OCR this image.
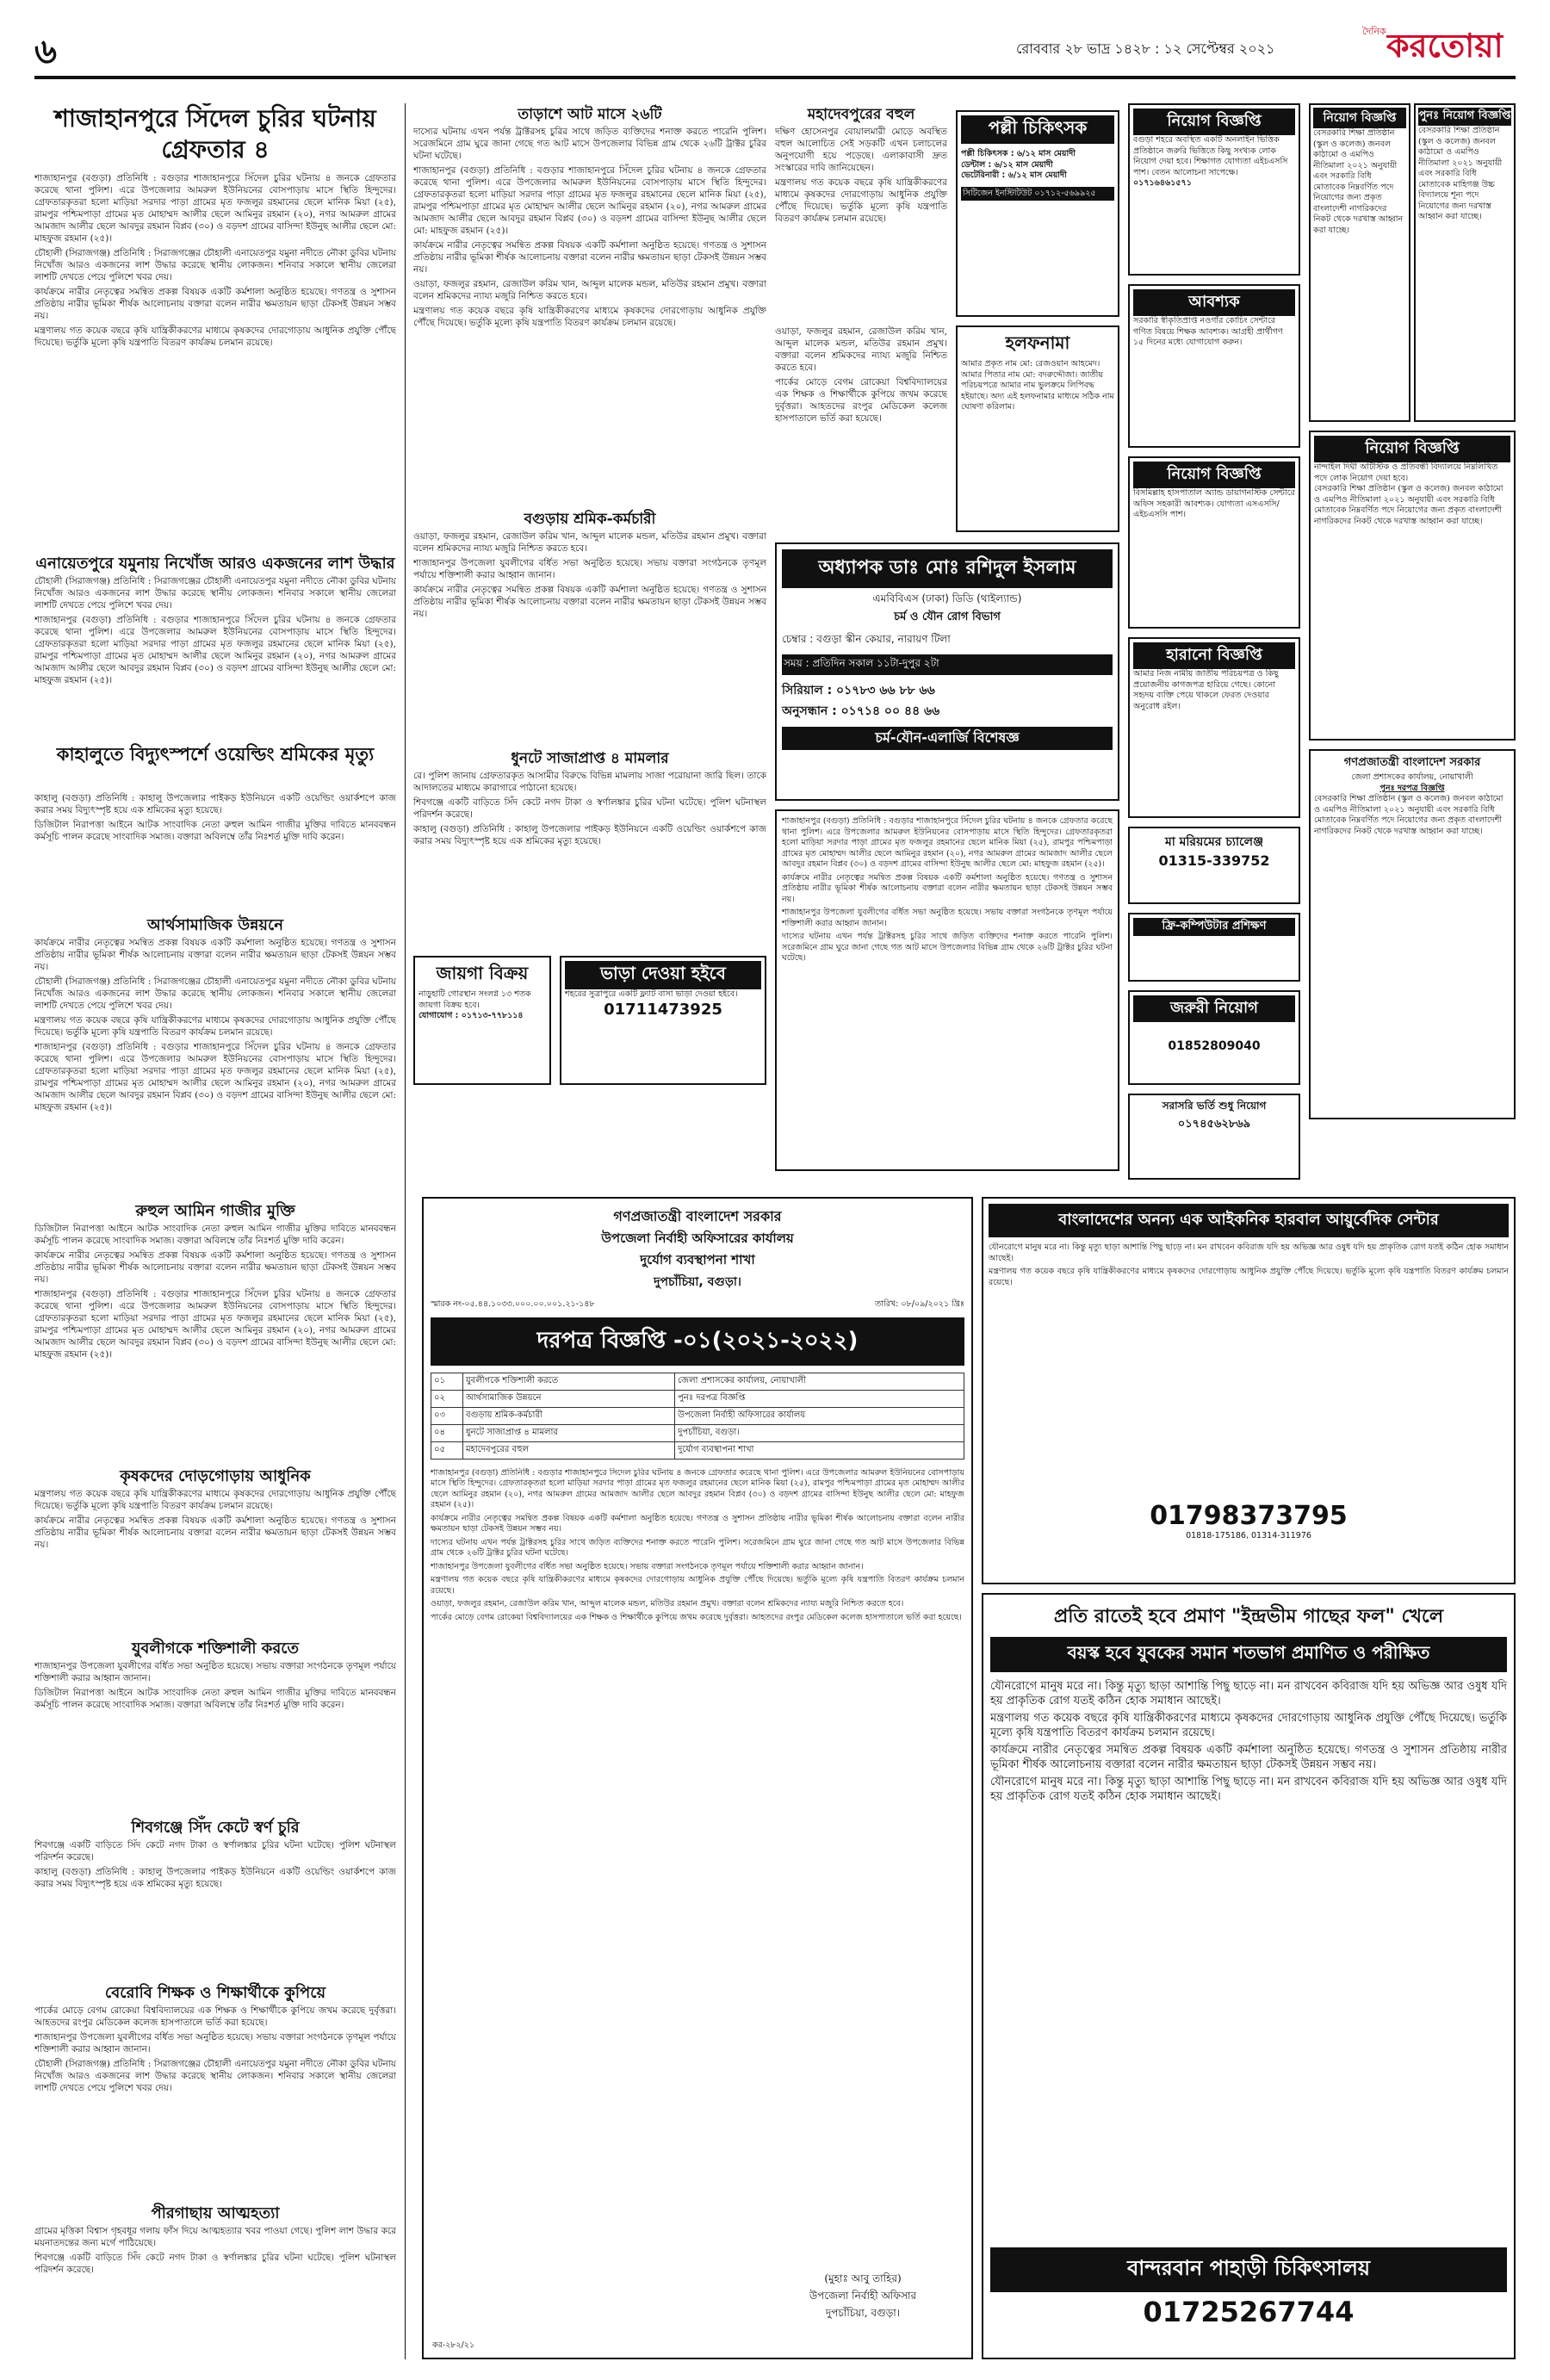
৬	রোববার ২৮ ভাদ্র ১৪২৮ : ১২ সেপ্টেম্বর ২০২১
দৈনিক করতোয়া
শাজাহানপুরে সিঁদেল চুরির ঘটনায় গ্রেফতার ৪

শাজাহানপুর (বগুড়া) প্রতিনিধি : বগুড়ার শাজাহানপুরে সিঁদেল চুরির ঘটনায় ৪ জনকে গ্রেফতার করেছে থানা পুলিশ। এরে উপজেলার আমরুল ইউনিয়নের বোসপাড়ায় মাসে স্থিতি হিন্দুদের। গ্রেফতারকৃতরা হলো মাড়িয়া সরদার পাড়া গ্রামের মৃত ফজলুর রহমানের ছেলে মানিক মিয়া (২৫), রামপুর পশ্চিমপাড়া গ্রামের মৃত মোহাম্মদ আলীর ছেলে আমিনুর রহমান (২০), নগর আমরুল গ্রামের আমজাদ আলীর ছেলে আবদুর রহমান বিপ্লব (৩০) ও বড়দশ গ্রামের বাসিন্দা ইউনুছ আলীর ছেলে মো: মাহফুজ রহমান (২৫)।

চৌহালী (সিরাজগঞ্জ) প্রতিনিধি : সিরাজগঞ্জের চৌহালী এনায়েতপুর যমুনা নদীতে নৌকা ডুবির ঘটনায় নিখোঁজ আরও একজনের লাশ উদ্ধার করেছে স্থানীয় লোকজন। শনিবার সকালে স্থানীয় জেলেরা লাশটি দেখতে পেয়ে পুলিশে খবর দেয়।

কার্যক্রমে নারীর নেতৃত্বের সমন্বিত প্রকল্প বিষয়ক একটি কর্মশালা অনুষ্ঠিত হয়েছে। গণতন্ত্র ও সুশাসন প্রতিষ্ঠায় নারীর ভূমিকা শীর্ষক আলোচনায় বক্তারা বলেন নারীর ক্ষমতায়ন ছাড়া টেকসই উন্নয়ন সম্ভব নয়।

মন্ত্রণালয় গত কয়েক বছরে কৃষি যান্ত্রিকীকরণের মাধ্যমে কৃষকদের দোরগোড়ায় আধুনিক প্রযুক্তি পৌঁছে দিয়েছে। ভর্তুকি মূল্যে কৃষি যন্ত্রপাতি বিতরণ কার্যক্রম চলমান রয়েছে।

এনায়েতপুরে যমুনায় নিখোঁজ আরও একজনের লাশ উদ্ধার

চৌহালী (সিরাজগঞ্জ) প্রতিনিধি : সিরাজগঞ্জের চৌহালী এনায়েতপুর যমুনা নদীতে নৌকা ডুবির ঘটনায় নিখোঁজ আরও একজনের লাশ উদ্ধার করেছে স্থানীয় লোকজন। শনিবার সকালে স্থানীয় জেলেরা লাশটি দেখতে পেয়ে পুলিশে খবর দেয়।

শাজাহানপুর (বগুড়া) প্রতিনিধি : বগুড়ার শাজাহানপুরে সিঁদেল চুরির ঘটনায় ৪ জনকে গ্রেফতার করেছে থানা পুলিশ। এরে উপজেলার আমরুল ইউনিয়নের বোসপাড়ায় মাসে স্থিতি হিন্দুদের। গ্রেফতারকৃতরা হলো মাড়িয়া সরদার পাড়া গ্রামের মৃত ফজলুর রহমানের ছেলে মানিক মিয়া (২৫), রামপুর পশ্চিমপাড়া গ্রামের মৃত মোহাম্মদ আলীর ছেলে আমিনুর রহমান (২০), নগর আমরুল গ্রামের আমজাদ আলীর ছেলে আবদুর রহমান বিপ্লব (৩০) ও বড়দশ গ্রামের বাসিন্দা ইউনুছ আলীর ছেলে মো: মাহফুজ রহমান (২৫)।

কাহালুতে বিদ্যুৎস্পর্শে ওয়েল্ডিং শ্রমিকের মৃত্যু

কাহালু (বগুড়া) প্রতিনিধি : কাহালু উপজেলার পাইকড় ইউনিয়নে একটি ওয়েল্ডিং ওয়ার্কশপে কাজ করার সময় বিদ্যুৎস্পৃষ্ট হয়ে এক শ্রমিকের মৃত্যু হয়েছে।

ডিজিটাল নিরাপত্তা আইনে আটক সাংবাদিক নেতা রুহুল আমিন গাজীর মুক্তির দাবিতে মানববন্ধন কর্মসূচি পালন করেছে সাংবাদিক সমাজ। বক্তারা অবিলম্বে তাঁর নিঃশর্ত মুক্তি দাবি করেন।

আর্থসামাজিক উন্নয়নে

কার্যক্রমে নারীর নেতৃত্বের সমন্বিত প্রকল্প বিষয়ক একটি কর্মশালা অনুষ্ঠিত হয়েছে। গণতন্ত্র ও সুশাসন প্রতিষ্ঠায় নারীর ভূমিকা শীর্ষক আলোচনায় বক্তারা বলেন নারীর ক্ষমতায়ন ছাড়া টেকসই উন্নয়ন সম্ভব নয়।

চৌহালী (সিরাজগঞ্জ) প্রতিনিধি : সিরাজগঞ্জের চৌহালী এনায়েতপুর যমুনা নদীতে নৌকা ডুবির ঘটনায় নিখোঁজ আরও একজনের লাশ উদ্ধার করেছে স্থানীয় লোকজন। শনিবার সকালে স্থানীয় জেলেরা লাশটি দেখতে পেয়ে পুলিশে খবর দেয়।

মন্ত্রণালয় গত কয়েক বছরে কৃষি যান্ত্রিকীকরণের মাধ্যমে কৃষকদের দোরগোড়ায় আধুনিক প্রযুক্তি পৌঁছে দিয়েছে। ভর্তুকি মূল্যে কৃষি যন্ত্রপাতি বিতরণ কার্যক্রম চলমান রয়েছে।

শাজাহানপুর (বগুড়া) প্রতিনিধি : বগুড়ার শাজাহানপুরে সিঁদেল চুরির ঘটনায় ৪ জনকে গ্রেফতার করেছে থানা পুলিশ। এরে উপজেলার আমরুল ইউনিয়নের বোসপাড়ায় মাসে স্থিতি হিন্দুদের। গ্রেফতারকৃতরা হলো মাড়িয়া সরদার পাড়া গ্রামের মৃত ফজলুর রহমানের ছেলে মানিক মিয়া (২৫), রামপুর পশ্চিমপাড়া গ্রামের মৃত মোহাম্মদ আলীর ছেলে আমিনুর রহমান (২০), নগর আমরুল গ্রামের আমজাদ আলীর ছেলে আবদুর রহমান বিপ্লব (৩০) ও বড়দশ গ্রামের বাসিন্দা ইউনুছ আলীর ছেলে মো: মাহফুজ রহমান (২৫)।

রুহুল আমিন গাজীর মুক্তি

ডিজিটাল নিরাপত্তা আইনে আটক সাংবাদিক নেতা রুহুল আমিন গাজীর মুক্তির দাবিতে মানববন্ধন কর্মসূচি পালন করেছে সাংবাদিক সমাজ। বক্তারা অবিলম্বে তাঁর নিঃশর্ত মুক্তি দাবি করেন।

কার্যক্রমে নারীর নেতৃত্বের সমন্বিত প্রকল্প বিষয়ক একটি কর্মশালা অনুষ্ঠিত হয়েছে। গণতন্ত্র ও সুশাসন প্রতিষ্ঠায় নারীর ভূমিকা শীর্ষক আলোচনায় বক্তারা বলেন নারীর ক্ষমতায়ন ছাড়া টেকসই উন্নয়ন সম্ভব নয়।

শাজাহানপুর (বগুড়া) প্রতিনিধি : বগুড়ার শাজাহানপুরে সিঁদেল চুরির ঘটনায় ৪ জনকে গ্রেফতার করেছে থানা পুলিশ। এরে উপজেলার আমরুল ইউনিয়নের বোসপাড়ায় মাসে স্থিতি হিন্দুদের। গ্রেফতারকৃতরা হলো মাড়িয়া সরদার পাড়া গ্রামের মৃত ফজলুর রহমানের ছেলে মানিক মিয়া (২৫), রামপুর পশ্চিমপাড়া গ্রামের মৃত মোহাম্মদ আলীর ছেলে আমিনুর রহমান (২০), নগর আমরুল গ্রামের আমজাদ আলীর ছেলে আবদুর রহমান বিপ্লব (৩০) ও বড়দশ গ্রামের বাসিন্দা ইউনুছ আলীর ছেলে মো: মাহফুজ রহমান (২৫)।

কৃষকদের দোড়গোড়ায় আধুনিক

মন্ত্রণালয় গত কয়েক বছরে কৃষি যান্ত্রিকীকরণের মাধ্যমে কৃষকদের দোরগোড়ায় আধুনিক প্রযুক্তি পৌঁছে দিয়েছে। ভর্তুকি মূল্যে কৃষি যন্ত্রপাতি বিতরণ কার্যক্রম চলমান রয়েছে।

কার্যক্রমে নারীর নেতৃত্বের সমন্বিত প্রকল্প বিষয়ক একটি কর্মশালা অনুষ্ঠিত হয়েছে। গণতন্ত্র ও সুশাসন প্রতিষ্ঠায় নারীর ভূমিকা শীর্ষক আলোচনায় বক্তারা বলেন নারীর ক্ষমতায়ন ছাড়া টেকসই উন্নয়ন সম্ভব নয়।

যুবলীগকে শক্তিশালী করতে

শাজাহানপুর উপজেলা যুবলীগের বর্ধিত সভা অনুষ্ঠিত হয়েছে। সভায় বক্তারা সংগঠনকে তৃণমূল পর্যায়ে শক্তিশালী করার আহ্বান জানান।

ডিজিটাল নিরাপত্তা আইনে আটক সাংবাদিক নেতা রুহুল আমিন গাজীর মুক্তির দাবিতে মানববন্ধন কর্মসূচি পালন করেছে সাংবাদিক সমাজ। বক্তারা অবিলম্বে তাঁর নিঃশর্ত মুক্তি দাবি করেন।

শিবগঞ্জে সিঁদ কেটে স্বর্ণ চুরি

শিবগঞ্জে একটি বাড়িতে সিঁদ কেটে নগদ টাকা ও স্বর্ণালঙ্কার চুরির ঘটনা ঘটেছে। পুলিশ ঘটনাস্থল পরিদর্শন করেছে।

কাহালু (বগুড়া) প্রতিনিধি : কাহালু উপজেলার পাইকড় ইউনিয়নে একটি ওয়েল্ডিং ওয়ার্কশপে কাজ করার সময় বিদ্যুৎস্পৃষ্ট হয়ে এক শ্রমিকের মৃত্যু হয়েছে।

বেরোবি শিক্ষক ও শিক্ষার্থীকে কুপিয়ে

পার্কের মোড়ে বেগম রোকেয়া বিশ্ববিদ্যালয়ের এক শিক্ষক ও শিক্ষার্থীকে কুপিয়ে জখম করেছে দুর্বৃত্তরা। আহতদের রংপুর মেডিকেল কলেজ হাসপাতালে ভর্তি করা হয়েছে।

শাজাহানপুর উপজেলা যুবলীগের বর্ধিত সভা অনুষ্ঠিত হয়েছে। সভায় বক্তারা সংগঠনকে তৃণমূল পর্যায়ে শক্তিশালী করার আহ্বান জানান।

চৌহালী (সিরাজগঞ্জ) প্রতিনিধি : সিরাজগঞ্জের চৌহালী এনায়েতপুর যমুনা নদীতে নৌকা ডুবির ঘটনায় নিখোঁজ আরও একজনের লাশ উদ্ধার করেছে স্থানীয় লোকজন। শনিবার সকালে স্থানীয় জেলেরা লাশটি দেখতে পেয়ে পুলিশে খবর দেয়।

পীরগাছায় আত্মহত্যা

গ্রামের মৃত্তিকা বিশ্বাস গৃহবধূর গলায় ফাঁস দিয়ে আত্মহত্যার খবর পাওয়া গেছে। পুলিশ লাশ উদ্ধার করে ময়নাতদন্তের জন্য মর্গে পাঠিয়েছে।

শিবগঞ্জে একটি বাড়িতে সিঁদ কেটে নগদ টাকা ও স্বর্ণালঙ্কার চুরির ঘটনা ঘটেছে। পুলিশ ঘটনাস্থল পরিদর্শন করেছে।

তাড়াশে আট মাসে ২৬টি

দাস্যের ঘটনায় এখন পর্যন্ত ট্রাক্টরসহ চুরির সাথে জড়িত ব্যক্তিদের শনাক্ত করতে পারেনি পুলিশ। সরেজমিনে গ্রাম ঘুরে জানা গেছে গত আট মাসে উপজেলার বিভিন্ন গ্রাম থেকে ২৬টি ট্রাক্টর চুরির ঘটনা ঘটেছে।

শাজাহানপুর (বগুড়া) প্রতিনিধি : বগুড়ার শাজাহানপুরে সিঁদেল চুরির ঘটনায় ৪ জনকে গ্রেফতার করেছে থানা পুলিশ। এরে উপজেলার আমরুল ইউনিয়নের বোসপাড়ায় মাসে স্থিতি হিন্দুদের। গ্রেফতারকৃতরা হলো মাড়িয়া সরদার পাড়া গ্রামের মৃত ফজলুর রহমানের ছেলে মানিক মিয়া (২৫), রামপুর পশ্চিমপাড়া গ্রামের মৃত মোহাম্মদ আলীর ছেলে আমিনুর রহমান (২০), নগর আমরুল গ্রামের আমজাদ আলীর ছেলে আবদুর রহমান বিপ্লব (৩০) ও বড়দশ গ্রামের বাসিন্দা ইউনুছ আলীর ছেলে মো: মাহফুজ রহমান (২৫)।

কার্যক্রমে নারীর নেতৃত্বের সমন্বিত প্রকল্প বিষয়ক একটি কর্মশালা অনুষ্ঠিত হয়েছে। গণতন্ত্র ও সুশাসন প্রতিষ্ঠায় নারীর ভূমিকা শীর্ষক আলোচনায় বক্তারা বলেন নারীর ক্ষমতায়ন ছাড়া টেকসই উন্নয়ন সম্ভব নয়।

ওয়াড়া, ফজলুর রহমান, রেজাউল করিম খান, আব্দুল মালেক মন্ডল, মতিউর রহমান প্রমুখ। বক্তারা বলেন শ্রমিকদের ন্যায্য মজুরি নিশ্চিত করতে হবে।

মন্ত্রণালয় গত কয়েক বছরে কৃষি যান্ত্রিকীকরণের মাধ্যমে কৃষকদের দোরগোড়ায় আধুনিক প্রযুক্তি পৌঁছে দিয়েছে। ভর্তুকি মূল্যে কৃষি যন্ত্রপাতি বিতরণ কার্যক্রম চলমান রয়েছে।

বগুড়ায় শ্রমিক-কর্মচারী

ওয়াড়া, ফজলুর রহমান, রেজাউল করিম খান, আব্দুল মালেক মন্ডল, মতিউর রহমান প্রমুখ। বক্তারা বলেন শ্রমিকদের ন্যায্য মজুরি নিশ্চিত করতে হবে।

শাজাহানপুর উপজেলা যুবলীগের বর্ধিত সভা অনুষ্ঠিত হয়েছে। সভায় বক্তারা সংগঠনকে তৃণমূল পর্যায়ে শক্তিশালী করার আহ্বান জানান।

কার্যক্রমে নারীর নেতৃত্বের সমন্বিত প্রকল্প বিষয়ক একটি কর্মশালা অনুষ্ঠিত হয়েছে। গণতন্ত্র ও সুশাসন প্রতিষ্ঠায় নারীর ভূমিকা শীর্ষক আলোচনায় বক্তারা বলেন নারীর ক্ষমতায়ন ছাড়া টেকসই উন্নয়ন সম্ভব নয়।

ধুনটে সাজাপ্রাপ্ত ৪ মামলার

রে। পুলিশ জানায় গ্রেফতারকৃত আসামীর বিরুদ্ধে বিভিন্ন মামলায় সাজা পরোয়ানা জারি ছিল। তাকে আদালতের মাধ্যমে কারাগারে পাঠানো হয়েছে।

শিবগঞ্জে একটি বাড়িতে সিঁদ কেটে নগদ টাকা ও স্বর্ণালঙ্কার চুরির ঘটনা ঘটেছে। পুলিশ ঘটনাস্থল পরিদর্শন করেছে।

কাহালু (বগুড়া) প্রতিনিধি : কাহালু উপজেলার পাইকড় ইউনিয়নে একটি ওয়েল্ডিং ওয়ার্কশপে কাজ করার সময় বিদ্যুৎস্পৃষ্ট হয়ে এক শ্রমিকের মৃত্যু হয়েছে।

জায়গা বিক্রয়
নাড়ুহাটি গোরস্থান সংলগ্ন ১৩ শতক জায়গা বিক্রয় হবে।
যোগাযোগ : ০১৭১৩-৭৭৮১১৪
ভাড়া দেওয়া হইবে
শহরের সুত্রাপুরে একটি ফ্ল্যাট বাসা ভাড়া দেওয়া হইবে।
01711473925
মহাদেবপুরের বহুল

দক্ষিণ হোসেনপুর বোয়ালমারী মোড়ে অবস্থিত বহুল আলোচিত সেই সড়কটি এখন চলাচলের অনুপযোগী হয়ে পড়েছে। এলাকাবাসী দ্রুত সংস্কারের দাবি জানিয়েছেন।

মন্ত্রণালয় গত কয়েক বছরে কৃষি যান্ত্রিকীকরণের মাধ্যমে কৃষকদের দোরগোড়ায় আধুনিক প্রযুক্তি পৌঁছে দিয়েছে। ভর্তুকি মূল্যে কৃষি যন্ত্রপাতি বিতরণ কার্যক্রম চলমান রয়েছে।

পল্লী চিকিৎসক
পল্লী চিকিৎসক : ৬/১২ মাস মেয়াদী
ডেন্টাল : ৬/১২ মাস মেয়াদী
ভেটেরিনারী : ৬/১২ মাস মেয়াদী
সিটিজেন ইনস্টিটিউট ০১৭১২-৫৬৯৯২৫
হলফনামা
আমার প্রকৃত নাম মো: রেজওয়ান আহমেদ। আমার পিতার নাম মো: বদরুদ্দৌজা। জাতীয় পরিচয়পত্রে আমার নাম ভুলক্রমে লিপিবদ্ধ হইয়াছে। অদ্য এই হলফনামার মাধ্যমে সঠিক নাম ঘোষণা করিলাম।

ওয়াড়া, ফজলুর রহমান, রেজাউল করিম খান, আব্দুল মালেক মন্ডল, মতিউর রহমান প্রমুখ। বক্তারা বলেন শ্রমিকদের ন্যায্য মজুরি নিশ্চিত করতে হবে।

পার্কের মোড়ে বেগম রোকেয়া বিশ্ববিদ্যালয়ের এক শিক্ষক ও শিক্ষার্থীকে কুপিয়ে জখম করেছে দুর্বৃত্তরা। আহতদের রংপুর মেডিকেল কলেজ হাসপাতালে ভর্তি করা হয়েছে।

অধ্যাপক ডাঃ মোঃ রশিদুল ইসলাম
এমবিবিএস (ঢাকা) ডিডি (থাইল্যান্ড)
চর্ম ও যৌন রোগ বিভাগ
চেম্বার : বগুড়া স্কীন কেয়ার, নারায়ণ টিলা
সময় : প্রতিদিন সকাল ১১টা-দুপুর ২টা
সিরিয়াল : ০১৭৮৩ ৬৬ ৮৮ ৬৬
অনুসন্ধান : ০১৭১৪ ০০ ৪৪ ৬৬
চর্ম-যৌন-এলার্জি বিশেষজ্ঞ

শাজাহানপুর (বগুড়া) প্রতিনিধি : বগুড়ার শাজাহানপুরে সিঁদেল চুরির ঘটনায় ৪ জনকে গ্রেফতার করেছে থানা পুলিশ। এরে উপজেলার আমরুল ইউনিয়নের বোসপাড়ায় মাসে স্থিতি হিন্দুদের। গ্রেফতারকৃতরা হলো মাড়িয়া সরদার পাড়া গ্রামের মৃত ফজলুর রহমানের ছেলে মানিক মিয়া (২৫), রামপুর পশ্চিমপাড়া গ্রামের মৃত মোহাম্মদ আলীর ছেলে আমিনুর রহমান (২০), নগর আমরুল গ্রামের আমজাদ আলীর ছেলে আবদুর রহমান বিপ্লব (৩০) ও বড়দশ গ্রামের বাসিন্দা ইউনুছ আলীর ছেলে মো: মাহফুজ রহমান (২৫)।

কার্যক্রমে নারীর নেতৃত্বের সমন্বিত প্রকল্প বিষয়ক একটি কর্মশালা অনুষ্ঠিত হয়েছে। গণতন্ত্র ও সুশাসন প্রতিষ্ঠায় নারীর ভূমিকা শীর্ষক আলোচনায় বক্তারা বলেন নারীর ক্ষমতায়ন ছাড়া টেকসই উন্নয়ন সম্ভব নয়।

শাজাহানপুর উপজেলা যুবলীগের বর্ধিত সভা অনুষ্ঠিত হয়েছে। সভায় বক্তারা সংগঠনকে তৃণমূল পর্যায়ে শক্তিশালী করার আহ্বান জানান।

দাস্যের ঘটনায় এখন পর্যন্ত ট্রাক্টরসহ চুরির সাথে জড়িত ব্যক্তিদের শনাক্ত করতে পারেনি পুলিশ। সরেজমিনে গ্রাম ঘুরে জানা গেছে গত আট মাসে উপজেলার বিভিন্ন গ্রাম থেকে ২৬টি ট্রাক্টর চুরির ঘটনা ঘটেছে।

নিয়োগ বিজ্ঞপ্তি
বগুড়া শহরে অবস্থিত একটি অনলাইন ভিত্তিক প্রতিষ্ঠানে জরুরি ভিত্তিতে কিছু সংখ্যক লোক নিয়োগ দেয়া হবে। শিক্ষাগত যোগ্যতা এইচএসসি পাশ। বেতন আলোচনা সাপেক্ষে।
০১৭১৬৪৬১৫৭১
আবশ্যক
সরকারি স্বীকৃতিপ্রাপ্ত নওগাঁর কোচিং সেন্টারে গণিত বিষয়ে শিক্ষক আবশ্যক। আগ্রহী প্রার্থীগণ ১৫ দিনের মধ্যে যোগাযোগ করুন।
নিয়োগ বিজ্ঞপ্তি
বিসমিল্লাহ হাসপাতাল অ্যান্ড ডায়াগনস্টিক সেন্টারে অফিস সহকারী আবশ্যক। যোগ্যতা এসএসসি/এইচএসসি পাশ।
হারানো বিজ্ঞপ্তি
আমার নিজ নামীয় জাতীয় পরিচয়পত্র ও কিছু প্রয়োজনীয় কাগজপত্র হারিয়ে গেছে। কোনো সহৃদয় ব্যক্তি পেয়ে থাকলে ফেরত দেওয়ার অনুরোধ রইল।
মা মরিয়মের চ্যালেঞ্জ
01315-339752
ফ্রি-কম্পিউটার প্রশিক্ষণ
জরুরী নিয়োগ
01852809040
সরাসরি ভর্তি শুধু নিয়োগ
০১৭৪৫৬২৮৬৯
নিয়োগ বিজ্ঞপ্তি
বেসরকারি শিক্ষা প্রতিষ্ঠান (স্কুল ও কলেজ) জনবল কাঠামো ও এমপিও নীতিমালা ২০২১ অনুযায়ী এবং সরকারি বিধি মোতাবেক নিম্নবর্ণিত পদে নিয়োগের জন্য প্রকৃত বাংলাদেশী নাগরিকদের নিকট থেকে দরখাস্ত আহ্বান করা যাচ্ছে।
পুনঃ নিয়োগ বিজ্ঞপ্তি
বেসরকারি শিক্ষা প্রতিষ্ঠান (স্কুল ও কলেজ) জনবল কাঠামো ও এমপিও নীতিমালা ২০২১ অনুযায়ী এবং সরকারি বিধি মোতাবেক মাহিগঞ্জ উচ্চ বিদ্যালয়ে শূন্য পদে নিয়োগের জন্য দরখাস্ত আহ্বান করা যাচ্ছে।
নিয়োগ বিজ্ঞপ্তি
নান্দাইল দিঘী অটিস্টিক ও প্রতিবন্ধী বিদ্যালয়ে নিম্নলিখিত পদে লোক নিয়োগ দেয়া হবে।
বেসরকারি শিক্ষা প্রতিষ্ঠান (স্কুল ও কলেজ) জনবল কাঠামো ও এমপিও নীতিমালা ২০২১ অনুযায়ী এবং সরকারি বিধি মোতাবেক নিম্নবর্ণিত পদে নিয়োগের জন্য প্রকৃত বাংলাদেশী নাগরিকদের নিকট থেকে দরখাস্ত আহ্বান করা যাচ্ছে।
গণপ্রজাতন্ত্রী বাংলাদেশ সরকার
জেলা প্রশাসকের কার্যালয়, নোয়াখালী
পুনঃ দরপত্র বিজ্ঞপ্তি
বেসরকারি শিক্ষা প্রতিষ্ঠান (স্কুল ও কলেজ) জনবল কাঠামো ও এমপিও নীতিমালা ২০২১ অনুযায়ী এবং সরকারি বিধি মোতাবেক নিম্নবর্ণিত পদে নিয়োগের জন্য প্রকৃত বাংলাদেশী নাগরিকদের নিকট থেকে দরখাস্ত আহ্বান করা যাচ্ছে।
গণপ্রজাতন্ত্রী বাংলাদেশ সরকার
উপজেলা নির্বাহী অফিসারের কার্যালয়
দুর্যোগ ব্যবস্থাপনা শাখা
দুপচাঁচিয়া, বগুড়া।
স্মারক নং-০৫.৪৪.১০৩৩.০০০.০০.০০১.২১-১৪৮	তারিখ: ০৮/০৯/২০২১ খ্রিঃ
দরপত্র বিজ্ঞপ্তি -০১(২০২১-২০২২)
০১	যুবলীগকে শক্তিশালী করতে	জেলা প্রশাসকের কার্যালয়, নোয়াখালী
০২	আর্থসামাজিক উন্নয়নে	পুনঃ দরপত্র বিজ্ঞপ্তি
০৩	বগুড়ায় শ্রমিক-কর্মচারী	উপজেলা নির্বাহী অফিসারের কার্যালয়
০৪	ধুনটে সাজাপ্রাপ্ত ৪ মামলার	দুপচাঁচিয়া, বগুড়া।
০৫	মহাদেবপুরের বহুল	দুর্যোগ ব্যবস্থাপনা শাখা

শাজাহানপুর (বগুড়া) প্রতিনিধি : বগুড়ার শাজাহানপুরে সিঁদেল চুরির ঘটনায় ৪ জনকে গ্রেফতার করেছে থানা পুলিশ। এরে উপজেলার আমরুল ইউনিয়নের বোসপাড়ায় মাসে স্থিতি হিন্দুদের। গ্রেফতারকৃতরা হলো মাড়িয়া সরদার পাড়া গ্রামের মৃত ফজলুর রহমানের ছেলে মানিক মিয়া (২৫), রামপুর পশ্চিমপাড়া গ্রামের মৃত মোহাম্মদ আলীর ছেলে আমিনুর রহমান (২০), নগর আমরুল গ্রামের আমজাদ আলীর ছেলে আবদুর রহমান বিপ্লব (৩০) ও বড়দশ গ্রামের বাসিন্দা ইউনুছ আলীর ছেলে মো: মাহফুজ রহমান (২৫)।

কার্যক্রমে নারীর নেতৃত্বের সমন্বিত প্রকল্প বিষয়ক একটি কর্মশালা অনুষ্ঠিত হয়েছে। গণতন্ত্র ও সুশাসন প্রতিষ্ঠায় নারীর ভূমিকা শীর্ষক আলোচনায় বক্তারা বলেন নারীর ক্ষমতায়ন ছাড়া টেকসই উন্নয়ন সম্ভব নয়।

দাস্যের ঘটনায় এখন পর্যন্ত ট্রাক্টরসহ চুরির সাথে জড়িত ব্যক্তিদের শনাক্ত করতে পারেনি পুলিশ। সরেজমিনে গ্রাম ঘুরে জানা গেছে গত আট মাসে উপজেলার বিভিন্ন গ্রাম থেকে ২৬টি ট্রাক্টর চুরির ঘটনা ঘটেছে।

শাজাহানপুর উপজেলা যুবলীগের বর্ধিত সভা অনুষ্ঠিত হয়েছে। সভায় বক্তারা সংগঠনকে তৃণমূল পর্যায়ে শক্তিশালী করার আহ্বান জানান।

মন্ত্রণালয় গত কয়েক বছরে কৃষি যান্ত্রিকীকরণের মাধ্যমে কৃষকদের দোরগোড়ায় আধুনিক প্রযুক্তি পৌঁছে দিয়েছে। ভর্তুকি মূল্যে কৃষি যন্ত্রপাতি বিতরণ কার্যক্রম চলমান রয়েছে।

ওয়াড়া, ফজলুর রহমান, রেজাউল করিম খান, আব্দুল মালেক মন্ডল, মতিউর রহমান প্রমুখ। বক্তারা বলেন শ্রমিকদের ন্যায্য মজুরি নিশ্চিত করতে হবে।

পার্কের মোড়ে বেগম রোকেয়া বিশ্ববিদ্যালয়ের এক শিক্ষক ও শিক্ষার্থীকে কুপিয়ে জখম করেছে দুর্বৃত্তরা। আহতদের রংপুর মেডিকেল কলেজ হাসপাতালে ভর্তি করা হয়েছে।

(মুহাঃ আবু তাহির)
উপজেলা নির্বাহী অফিসার
দুপচাঁচিয়া, বগুড়া।
কর-২৮২/২১
বাংলাদেশের অনন্য এক আইকনিক হারবাল আয়ুর্বেদিক সেন্টার

যৌনরোগে মানুষ মরে না। কিন্তু মৃত্যু ছাড়া আশান্তি পিছু ছাড়ে না। মন রাখবেন কবিরাজ যদি হয় অভিজ্ঞ আর ওষুধ যদি হয় প্রাকৃতিক রোগ যতই কঠিন হোক সমাধান আছেই।

মন্ত্রণালয় গত কয়েক বছরে কৃষি যান্ত্রিকীকরণের মাধ্যমে কৃষকদের দোরগোড়ায় আধুনিক প্রযুক্তি পৌঁছে দিয়েছে। ভর্তুকি মূল্যে কৃষি যন্ত্রপাতি বিতরণ কার্যক্রম চলমান রয়েছে।

01798373795
01818-175186, 01314-311976
প্রতি রাতেই হবে প্রমাণ "ইন্দ্রভীম গাছের ফল" খেলে
বয়স্ক হবে যুবকের সমান শতভাগ প্রমাণিত ও পরীক্ষিত

যৌনরোগে মানুষ মরে না। কিন্তু মৃত্যু ছাড়া আশান্তি পিছু ছাড়ে না। মন রাখবেন কবিরাজ যদি হয় অভিজ্ঞ আর ওষুধ যদি হয় প্রাকৃতিক রোগ যতই কঠিন হোক সমাধান আছেই।

মন্ত্রণালয় গত কয়েক বছরে কৃষি যান্ত্রিকীকরণের মাধ্যমে কৃষকদের দোরগোড়ায় আধুনিক প্রযুক্তি পৌঁছে দিয়েছে। ভর্তুকি মূল্যে কৃষি যন্ত্রপাতি বিতরণ কার্যক্রম চলমান রয়েছে।

কার্যক্রমে নারীর নেতৃত্বের সমন্বিত প্রকল্প বিষয়ক একটি কর্মশালা অনুষ্ঠিত হয়েছে। গণতন্ত্র ও সুশাসন প্রতিষ্ঠায় নারীর ভূমিকা শীর্ষক আলোচনায় বক্তারা বলেন নারীর ক্ষমতায়ন ছাড়া টেকসই উন্নয়ন সম্ভব নয়।

যৌনরোগে মানুষ মরে না। কিন্তু মৃত্যু ছাড়া আশান্তি পিছু ছাড়ে না। মন রাখবেন কবিরাজ যদি হয় অভিজ্ঞ আর ওষুধ যদি হয় প্রাকৃতিক রোগ যতই কঠিন হোক সমাধান আছেই।

বান্দরবান পাহাড়ী চিকিৎসালয়
01725267744
